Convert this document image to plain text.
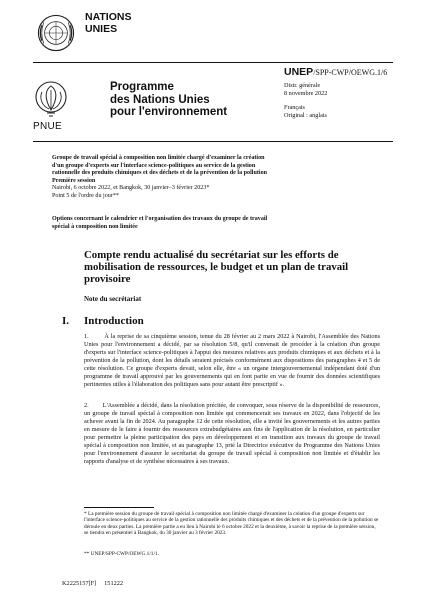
NATIONS
UNIES
PNUE
Programme
des Nations Unies
pour l'environnement
UNEP/SPP-CWP/OEWG.1/6
Distr. générale
8 novembre 2022
Français
Original : anglais
Groupe de travail spécial à composition non limitée chargé d'examiner la création d'un groupe d'experts sur l'interface science-politiques au service de la gestion rationnelle des produits chimiques et des déchets et de la prévention de la pollution
Première session
Nairobi, 6 octobre 2022, et Bangkok, 30 janvier–3 février 2023*
Point 5 de l'ordre du jour**
Options concernant le calendrier et l'organisation des travaux du groupe de travail spécial à composition non limitée
Compte rendu actualisé du secrétariat sur les efforts de mobilisation de ressources, le budget et un plan de travail provisoire
Note du secrétariat
I. Introduction
1.        À la reprise de sa cinquième session, tenue du 28 février au 2 mars 2022 à Nairobi, l'Assemblée des Nations Unies pour l'environnement a décidé, par sa résolution 5/8, qu'il convenait de procéder à la création d'un groupe d'experts sur l'interface science-politiques à l'appui des mesures relatives aux produits chimiques et aux déchets et à la prévention de la pollution, dont les détails seraient précisés conformément aux dispositions des paragraphes 4 et 5 de cette résolution. Ce groupe d'experts devait, selon elle, être « un organe intergouvernemental indépendant doté d'un programme de travail approuvé par les gouvernements qui en font partie en vue de fournir des données scientifiques pertinentes utiles à l'élaboration des politiques sans pour autant être prescriptif ».
2.        L'Assemblée a décidé, dans la résolution précitée, de convoquer, sous réserve de la disponibilité de ressources, un groupe de travail spécial à composition non limitée qui commencerait ses travaux en 2022, dans l'objectif de les achever avant la fin de 2024. Au paragraphe 12 de cette résolution, elle a invité les gouvernements et les autres parties en mesure de le faire à fournir des ressources extrabudgétaires aux fins de l'application de la résolution, en particulier pour permettre la pleine participation des pays en développement et en transition aux travaux du groupe de travail spécial à composition non limitée, et au paragraphe 13, prié la Directrice exécutive du Programme des Nations Unies pour l'environnement d'assurer le secrétariat du groupe de travail spécial à composition non limitée et d'établir les rapports d'analyse et de synthèse nécessaires à ses travaux.
* La première session du groupe de travail spécial à composition non limitée chargé d'examiner la création d'un groupe d'experts sur l'interface science-politiques au service de la gestion rationnelle des produits chimiques et des déchets et de la prévention de la pollution se déroule en deux parties. La première partie a eu lieu à Nairobi le 6 octobre 2022 et la deuxième, à savoir la reprise de la première session, se tiendra en présentiel à Bangkok, du 30 janvier au 3 février 2023.
** UNEP/SPP-CWP/OEWG.1/1/1.
K2225157[F]     151222
